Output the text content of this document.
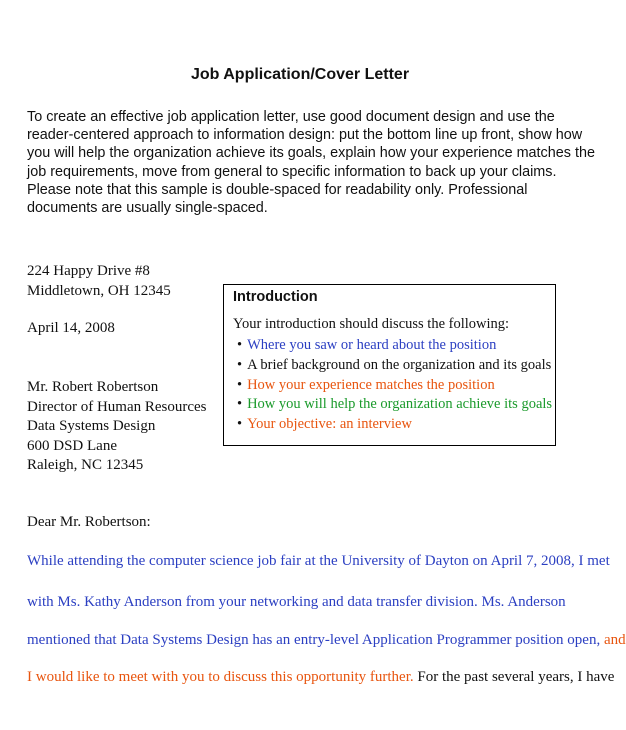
Job Application/Cover Letter
To create an effective job application letter, use good document design and use the
reader-centered approach to information design: put the bottom line up front, show how
you will help the organization achieve its goals, explain how your experience matches the
job requirements, move from general to specific information to back up your claims.
Please note that this sample is double-spaced for readability only. Professional
documents are usually single-spaced.
224 Happy Drive #8
Middletown, OH 12345
April 14, 2008
Mr. Robert Robertson
Director of Human Resources
Data Systems Design
600 DSD Lane
Raleigh, NC 12345
Introduction
Your introduction should discuss the following:
• Where you saw or heard about the position
• A brief background on the organization and its goals
• How your experience matches the position
• How you will help the organization achieve its goals
• Your objective: an interview
Dear Mr. Robertson:
While attending the computer science job fair at the University of Dayton on April 7, 2008, I met
with Ms. Kathy Anderson from your networking and data transfer division. Ms. Anderson
mentioned that Data Systems Design has an entry-level Application Programmer position open, and
I would like to meet with you to discuss this opportunity further. For the past several years, I have
